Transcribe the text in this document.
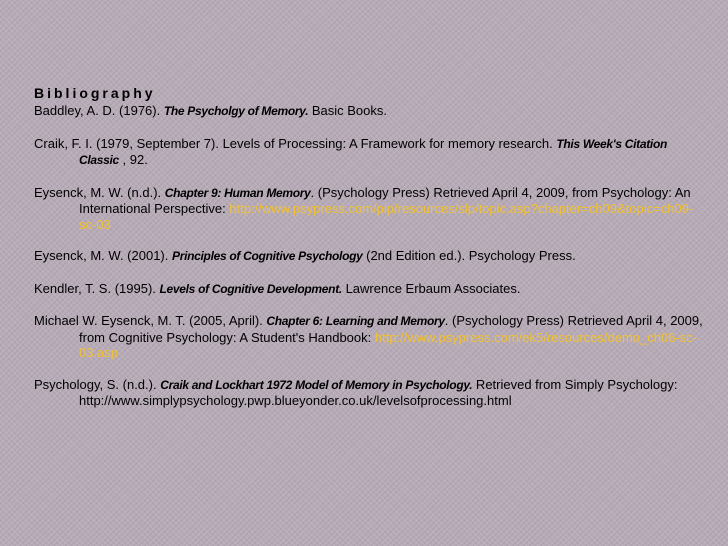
Bibliography

Baddley, A. D. (1976). The Psycholgy of Memory. Basic Books.

Craik, F. I. (1979, September 7). Levels of Processing: A Framework for memory research. This Week's Citation Classic , 92.

Eysenck, M. W. (n.d.). Chapter 9: Human Memory. (Psychology Press) Retrieved April 4, 2009, from Psychology: An International Perspective: http://www.psypress.com/pip/resources/slp/topic.asp?chapter=ch09&topic=ch09-sc-03

Eysenck, M. W. (2001). Principles of Cognitive Psychology (2nd Edition ed.). Psychology Press.

Kendler, T. S. (1995). Levels of Cognitive Development. Lawrence Erbaum Associates.

Michael W. Eysenck, M. T. (2005, April). Chapter 6: Learning and Memory. (Psychology Press) Retrieved April 4, 2009, from Cognitive Psychology: A Student's Handbook: http://www.psypress.com/ek5/resources/demo_ch06-sc-03.asp

Psychology, S. (n.d.). Craik and Lockhart 1972 Model of Memory in Psychology. Retrieved from Simply Psychology: http://www.simplypsychology.pwp.blueyonder.co.uk/levelsofprocessing.html
